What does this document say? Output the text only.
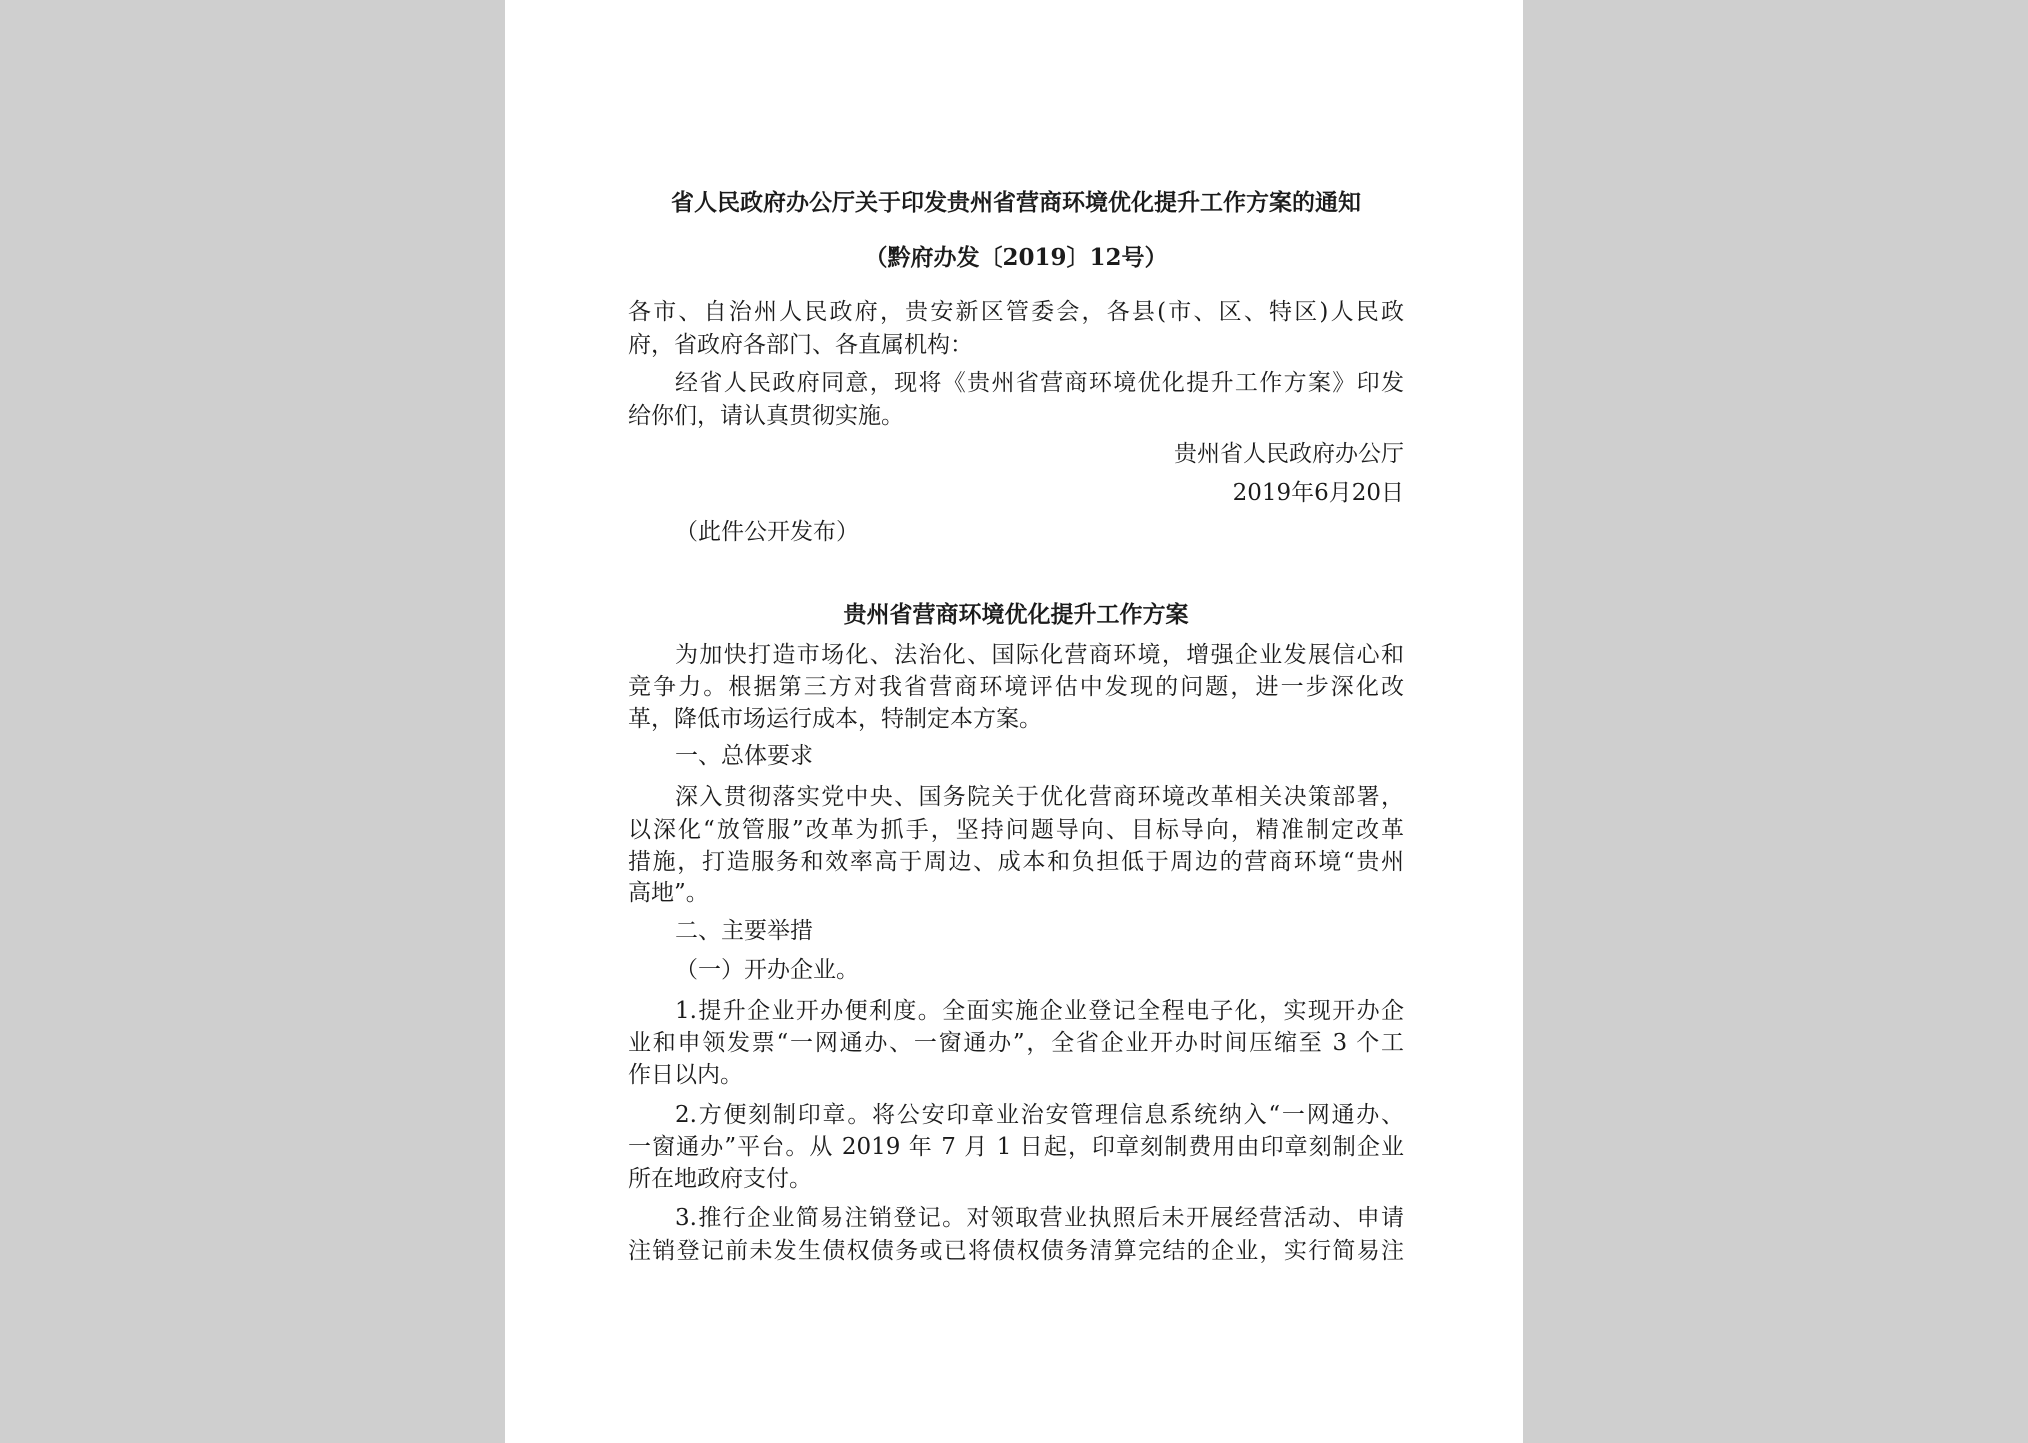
省人民政府办公厅关于印发贵州省营商环境优化提升工作方案的通知
（黔府办发〔2019〕12号）
各市、自治州人民政府，贵安新区管委会，各县(市、区、特区)人民政
府，省政府各部门、各直属机构：
经省人民政府同意，现将《贵州省营商环境优化提升工作方案》印发
给你们，请认真贯彻实施。
贵州省人民政府办公厅
2019年6月20日
（此件公开发布）
贵州省营商环境优化提升工作方案
为加快打造市场化、法治化、国际化营商环境，增强企业发展信心和
竞争力。根据第三方对我省营商环境评估中发现的问题，进一步深化改
革，降低市场运行成本，特制定本方案。
一、总体要求
深入贯彻落实党中央、国务院关于优化营商环境改革相关决策部署，
以深化“放管服”改革为抓手，坚持问题导向、目标导向，精准制定改革
措施，打造服务和效率高于周边、成本和负担低于周边的营商环境“贵州
高地”。
二、主要举措
（一）开办企业。
1.提升企业开办便利度。全面实施企业登记全程电子化，实现开办企
业和申领发票“一网通办、一窗通办”，全省企业开办时间压缩至 3 个工
作日以内。
2.方便刻制印章。将公安印章业治安管理信息系统纳入“一网通办、
一窗通办”平台。从 2019 年 7 月 1 日起，印章刻制费用由印章刻制企业
所在地政府支付。
3.推行企业简易注销登记。对领取营业执照后未开展经营活动、申请
注销登记前未发生债权债务或已将债权债务清算完结的企业，实行简易注
